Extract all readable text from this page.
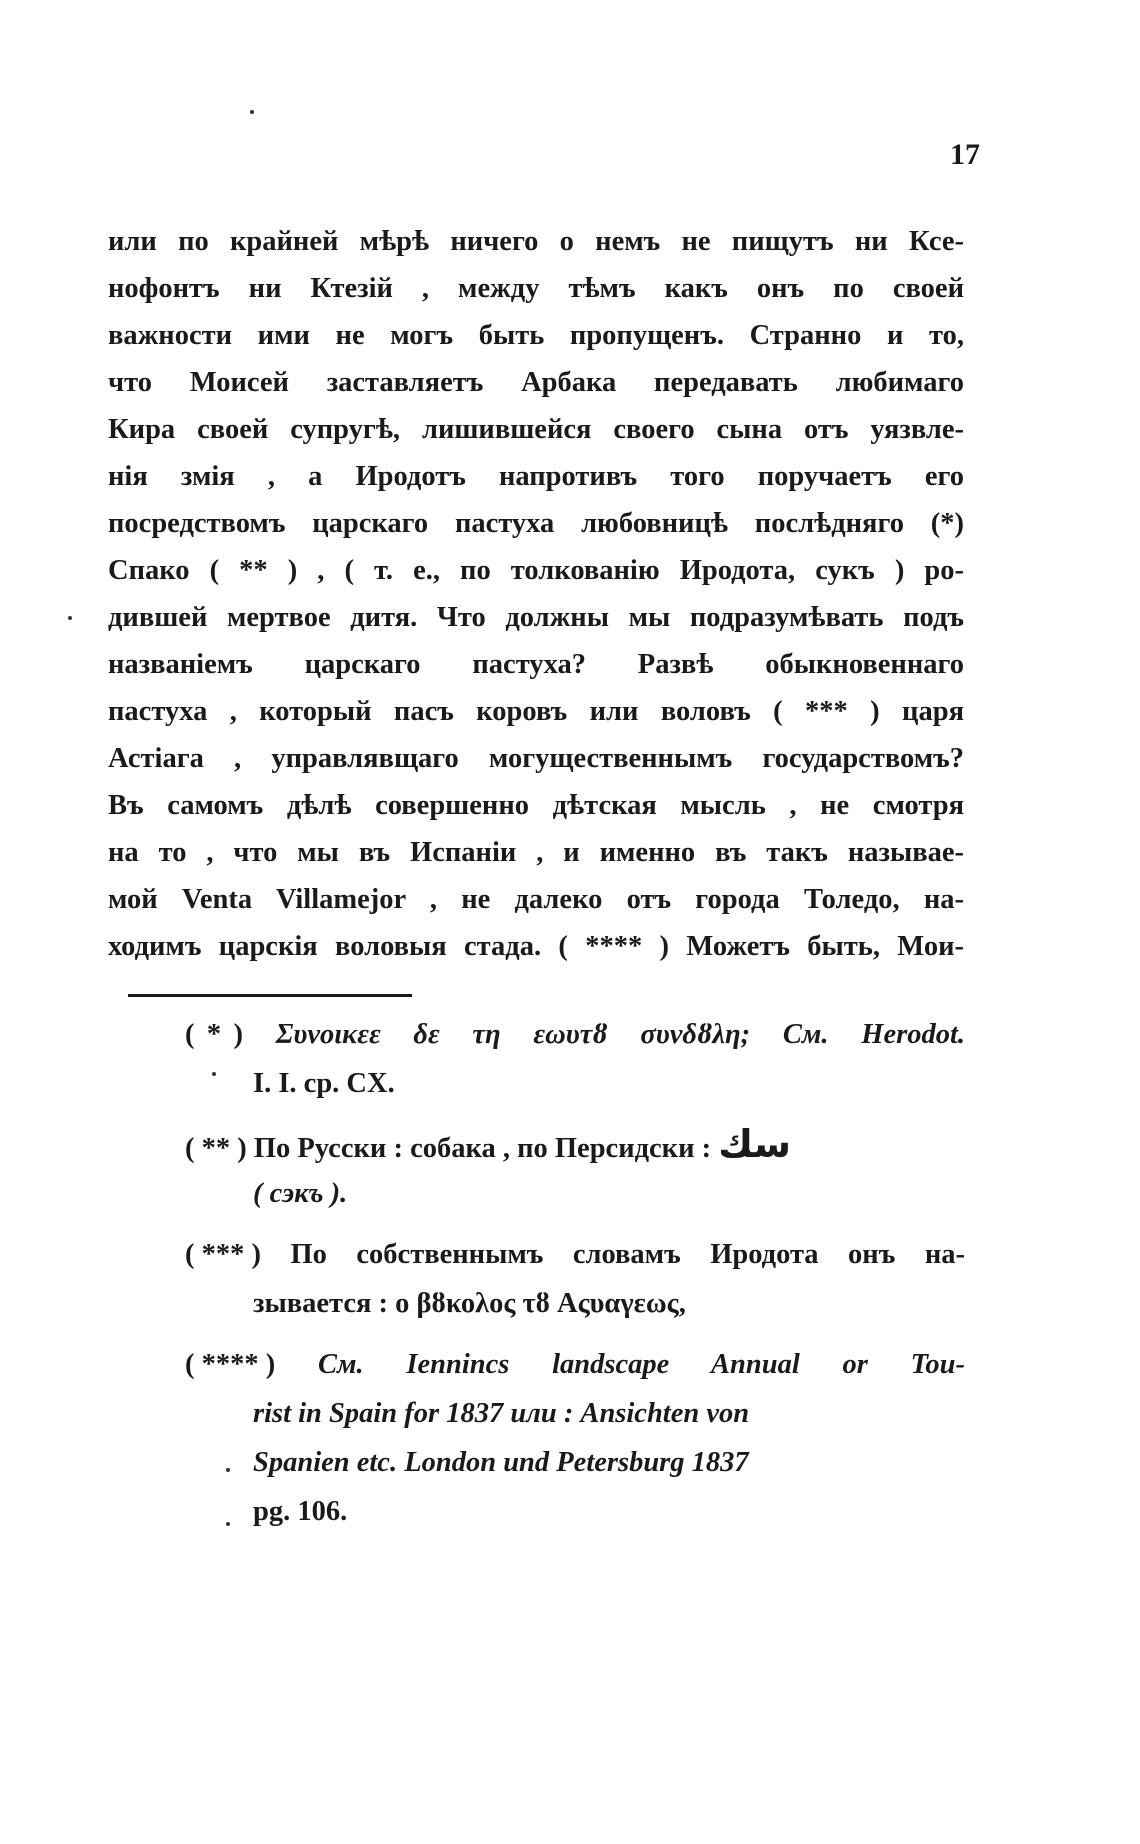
17
или по крайней мѣрѣ ничего о немъ не пищутъ ни Ксе-
нофонтъ ни Ктезій , между тѣмъ какъ онъ по своей
важности ими не могъ быть пропущенъ. Странно и то,
что Моисей заставляетъ Арбака передавать любимаго
Кира своей супругѣ, лишившейся своего сына отъ уязвле-
нія змія , а Иродотъ напротивъ того поручаетъ его
посредствомъ царскаго пастуха любовницѣ послѣдняго (*)
Спако ( ** ) , ( т. е., по толкованію Иродота, сукъ ) ро-
дившей мертвое дитя. Что должны мы подразумѣвать подъ
названіемъ царскаго пастуха? Развѣ обыкновеннаго
пастуха , который пасъ коровъ или воловъ ( *** ) царя
Астіага , управлявщаго могущественнымъ государствомъ?
Въ самомъ дѣлѣ совершенно дѣтская мысль , не смотря
на то , что мы въ Испаніи , и именно въ такъ называе-
мой Venta Villamejor , не далеко отъ города Толедо, на-
ходимъ царскія воловыя стада. ( **** ) Можетъ быть, Мои-
( * ) Συνοικεε δε τη εωυτȣ συνδȣλη; См. Herodot.
I. I. cp. CX.
( ** ) По Русски : собака , по Персидски : سك
( сэкъ ).
( *** ) По собственнымъ словамъ Иродота онъ на-
зывается : ο βȣκολος τȣ Αςυαγεως,
( **** ) См. Iennincs landscape Annual or Tou-
rist in Spain for 1837 или : Ansichten von
Spanien etc. London und Petersburg 1837
pg. 106.
